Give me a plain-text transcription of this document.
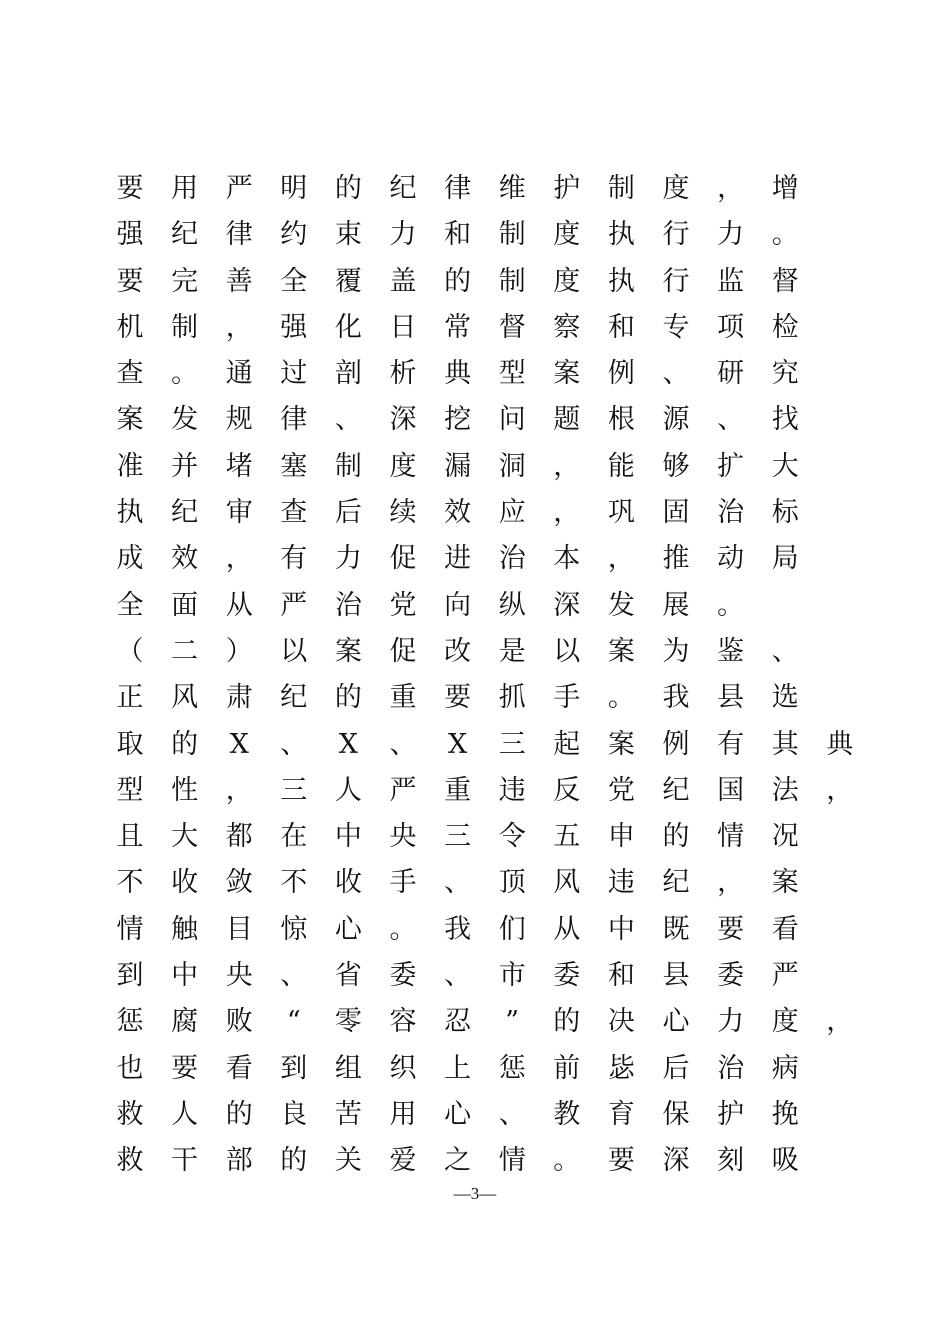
要	用	严	明	的	纪	律	维	护	制	度	，	增
强	纪	律	约	束	力	和	制	度	执	行	力	。
要	完	善	全	覆	盖	的	制	度	执	行	监	督
机	制	，	强	化	日	常	督	察	和	专	项	检
查	。	通	过	剖	析	典	型	案	例	、	研	究
案	发	规	律	、	深	挖	问	题	根	源	、	找
准	并	堵	塞	制	度	漏	洞	，	能	够	扩	大
执	纪	审	查	后	续	效	应	，	巩	固	治	标
成	效	，	有	力	促	进	治	本	，	推	动	局
全	面	从	严	治	党	向	纵	深	发	展	。
（	二	）	以	案	促	改	是	以	案	为	鉴	、
正	风	肃	纪	的	重	要	抓	手	。	我	县	选
取	的	X	、	X	、	X	三	起	案	例	有	其	典
型	性	，	三	人	严	重	违	反	党	纪	国	法	，
且	大	都	在	中	央	三	令	五	申	的	情	况
不	收	敛	不	收	手	、	顶	风	违	纪	，	案
情	触	目	惊	心	。	我	们	从	中	既	要	看
到	中	央	、	省	委	、	市	委	和	县	委	严
惩	腐	败	“	零	容	忍	”	的	决	心	力	度	，
也	要	看	到	组	织	上	惩	前	毖	后	治	病
救	人	的	良	苦	用	心	、	教	育	保	护	挽
救	干	部	的	关	爱	之	情	。	要	深	刻	吸
—3—
